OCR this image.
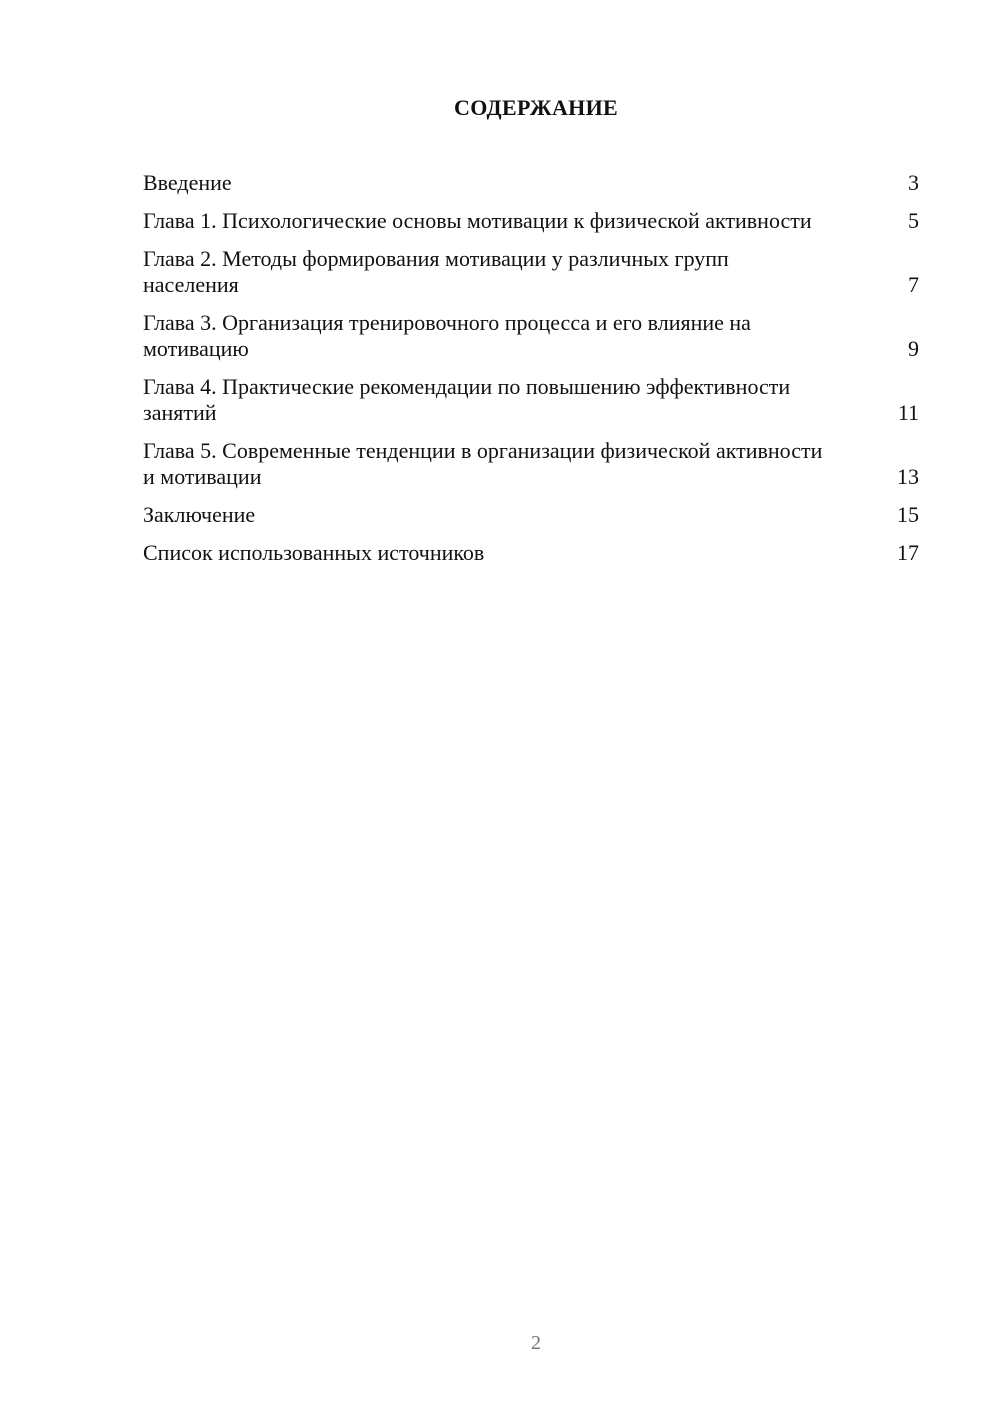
СОДЕРЖАНИЕ
Введение	3
Глава 1. Психологические основы мотивации к физической активности	5
Глава 2. Методы формирования мотивации у различных групп населения	7
Глава 3. Организация тренировочного процесса и его влияние на мотивацию	9
Глава 4. Практические рекомендации по повышению эффективности занятий	11
Глава 5. Современные тенденции в организации физической активности и мотивации	13
Заключение	15
Список использованных источников	17
2
